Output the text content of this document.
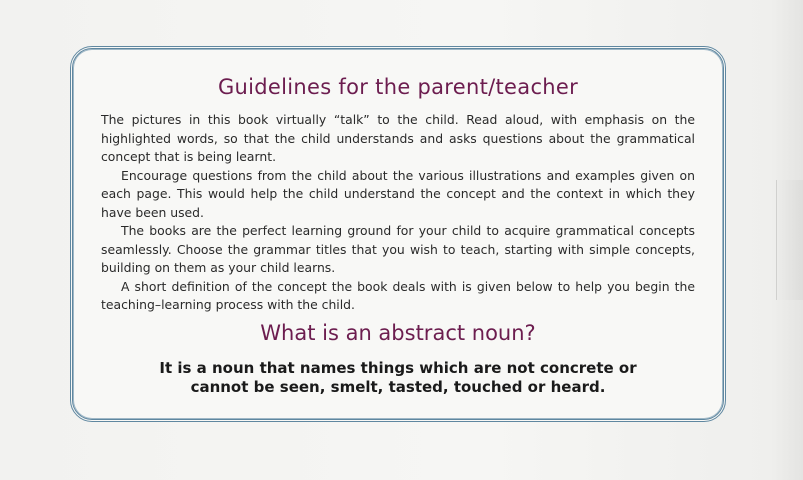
Guidelines for the parent/teacher

The pictures in this book virtually “talk” to the child. Read aloud, with emphasis on the highlighted words, so that the child understands and asks questions about the grammatical concept that is being learnt.

Encourage questions from the child about the various illustrations and examples given on each page. This would help the child understand the concept and the context in which they have been used.

The books are the perfect learning ground for your child to acquire grammatical concepts seamlessly. Choose the grammar titles that you wish to teach, starting with simple concepts, building on them as your child learns.

A short definition of the concept the book deals with is given below to help you begin the teaching–learning process with the child.

What is an abstract noun?
It is a noun that names things which are not concrete or
cannot be seen, smelt, tasted, touched or heard.
